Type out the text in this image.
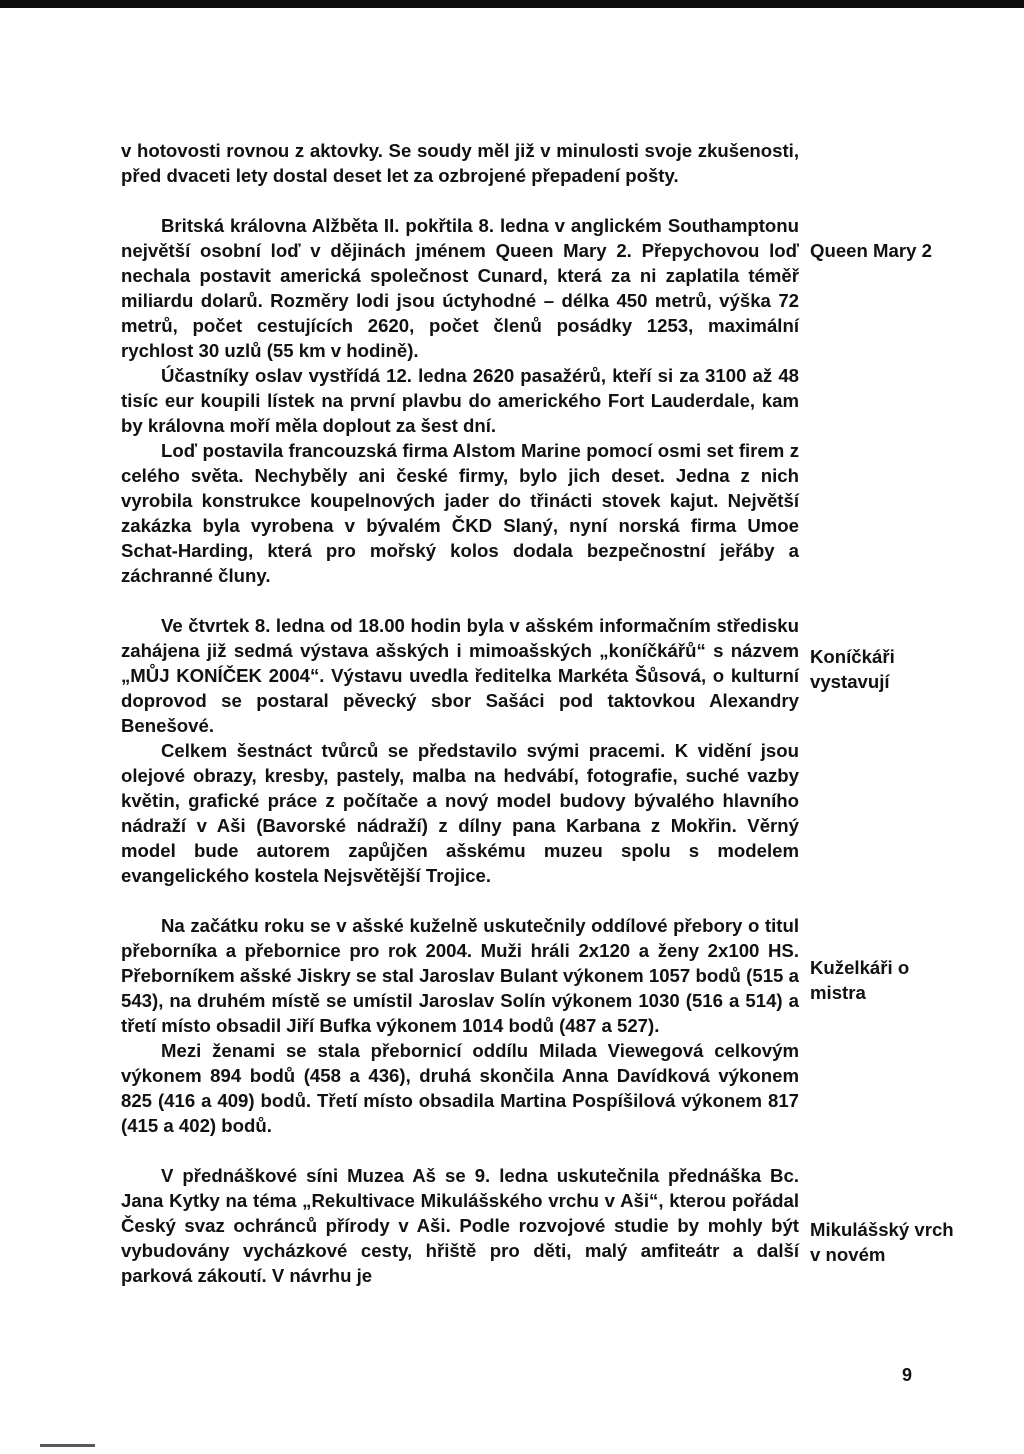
v hotovosti rovnou z aktovky. Se soudy měl již v minulosti svoje zkušenosti, před dvaceti lety dostal deset let za ozbrojené přepadení pošty.

Britská královna Alžběta II. pokřtila 8. ledna v anglickém Southamptonu největší osobní loď v dějinách jménem Queen Mary 2. Přepychovou loď nechala postavit americká společnost Cunard, která za ni zaplatila téměř miliardu dolarů. Rozměry lodi jsou úctyhodné – délka 450 metrů, výška 72 metrů, počet cestujících 2620, počet členů posádky 1253, maximální rychlost 30 uzlů (55 km v hodině).

Účastníky oslav vystřídá 12. ledna 2620 pasažérů, kteří si za 3100 až 48 tisíc eur koupili lístek na první plavbu do amerického Fort Lauderdale, kam by královna moří měla doplout za šest dní.

Loď postavila francouzská firma Alstom Marine pomocí osmi set firem z celého světa. Nechyběly ani české firmy, bylo jich deset. Jedna z nich vyrobila konstrukce koupelnových jader do třinácti stovek kajut. Největší zakázka byla vyrobena v bývalém ČKD Slaný, nyní norská firma Umoe Schat-Harding, která pro mořský kolos dodala bezpečnostní jeřáby a záchranné čluny.

Ve čtvrtek 8. ledna od 18.00 hodin byla v ašském informačním středisku zahájena již sedmá výstava ašských i mimoašských „koníčkářů“ s názvem „MŮJ KONÍČEK 2004“. Výstavu uvedla ředitelka Markéta Šůsová, o kulturní doprovod se postaral pěvecký sbor Sašáci pod taktovkou Alexandry Benešové.

Celkem šestnáct tvůrců se představilo svými pracemi. K vidění jsou olejové obrazy, kresby, pastely, malba na hedvábí, fotografie, suché vazby květin, grafické práce z počítače a nový model budovy bývalého hlavního nádraží v Aši (Bavorské nádraží) z dílny pana Karbana z Mokřin. Věrný model bude autorem zapůjčen ašskému muzeu spolu s modelem evangelického kostela Nejsvětější Trojice.

Na začátku roku se v ašské kuželně uskutečnily oddílové přebory o titul přeborníka a přebornice pro rok 2004. Muži hráli 2x120 a ženy 2x100 HS. Přeborníkem ašské Jiskry se stal Jaroslav Bulant výkonem 1057 bodů (515 a 543), na druhém místě se umístil Jaroslav Solín výkonem 1030 (516 a 514) a třetí místo obsadil Jiří Bufka výkonem 1014 bodů (487 a 527).

Mezi ženami se stala přebornicí oddílu Milada Viewegová celkovým výkonem 894 bodů (458 a 436), druhá skončila Anna Davídková výkonem 825 (416 a 409) bodů. Třetí místo obsadila Martina Pospíšilová výkonem 817 (415 a 402) bodů.

V přednáškové síni Muzea Aš se 9. ledna uskutečnila přednáška Bc. Jana Kytky na téma „Rekultivace Mikulášského vrchu v Aši“, kterou pořádal Český svaz ochránců přírody v Aši. Podle rozvojové studie by mohly být vybudovány vycházkové cesty, hřiště pro děti, malý amfiteátr a další parková zákoutí. V návrhu je

Queen Mary 2
Koníčkáři vystavují
Kuželkáři o mistra
Mikulášský vrch v novém
9
